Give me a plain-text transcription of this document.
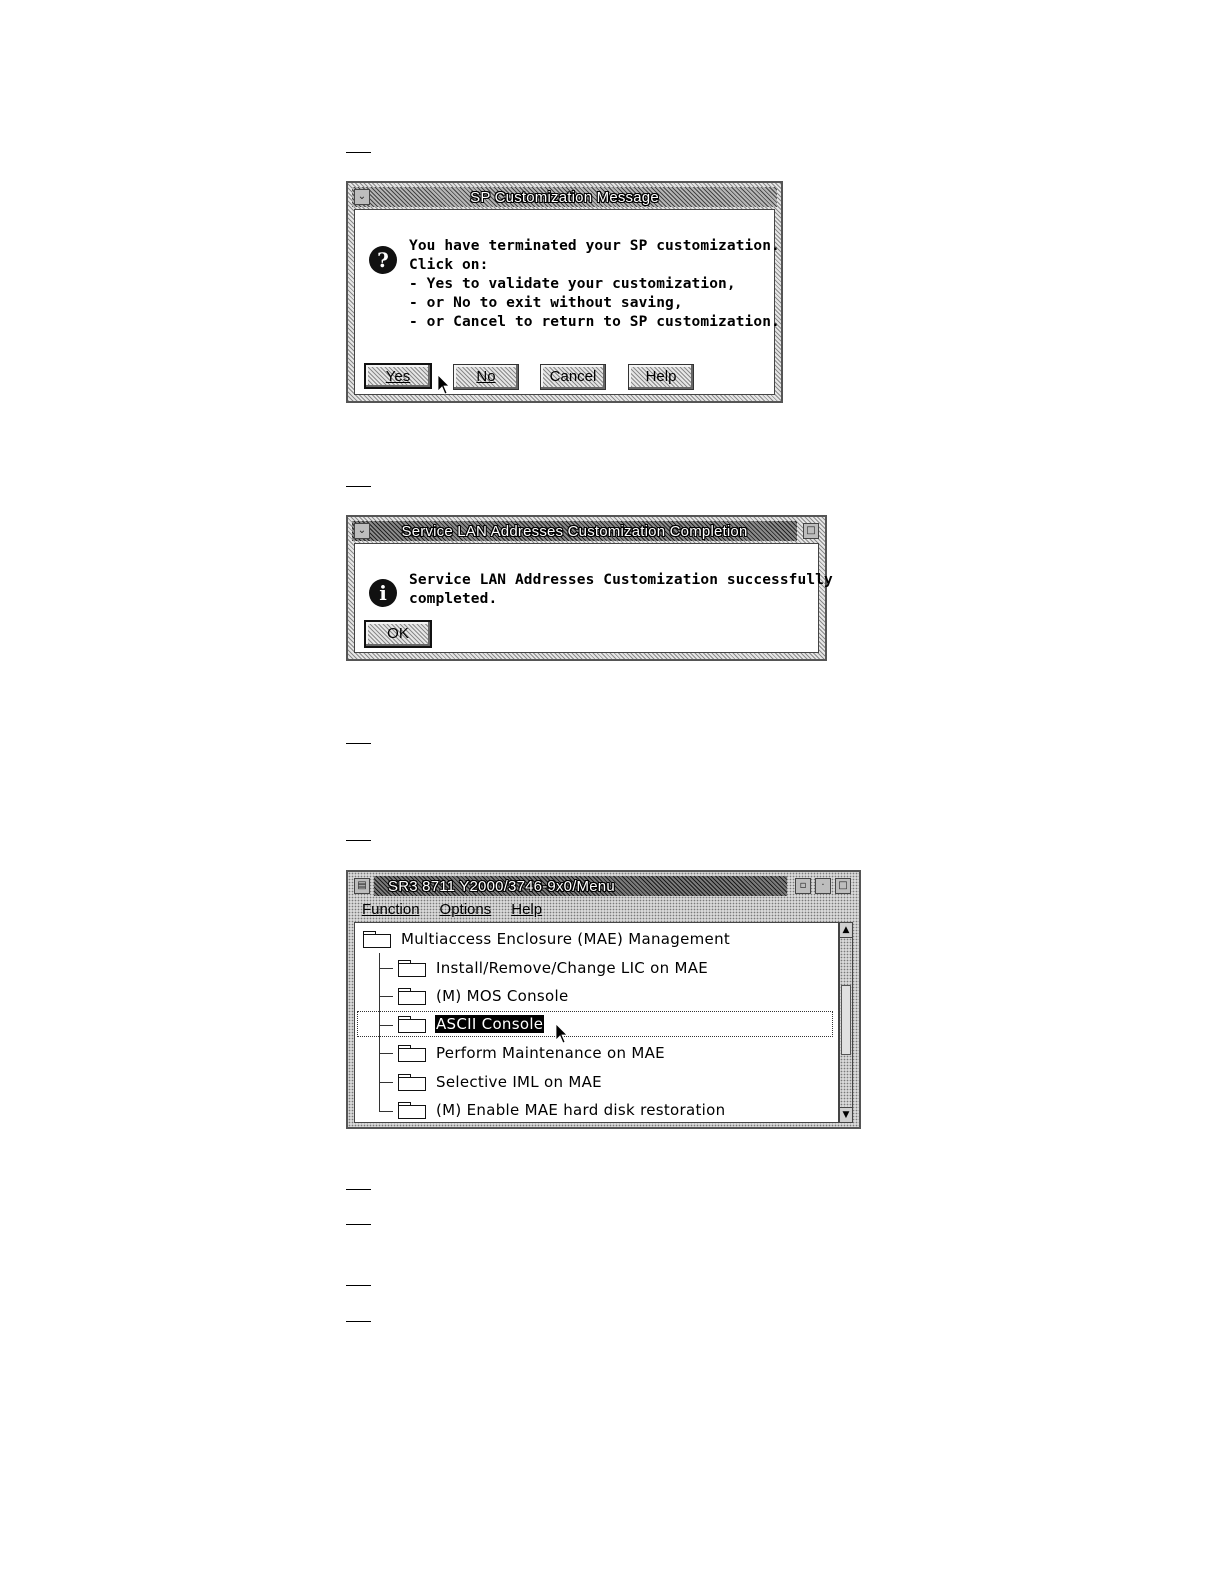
SP Customization Message
⌄
?
You have terminated your SP customization.
Click on:
- Yes to validate your customization,
- or No to exit without saving,
- or Cancel to return to SP customization.
Yes	No	Cancel	Help
Service LAN Addresses Customization Completion
⌄	□
i
Service LAN Addresses Customization successfully
completed.
OK
SR3 8711 Y2000/3746-9x0/Menu
▤	▫	·	□
Function Options Help
Multiaccess Enclosure (MAE) Management
Install/Remove/Change LIC on MAE
(M) MOS Console
ASCII Console
Perform Maintenance on MAE
Selective IML on MAE
(M) Enable MAE hard disk restoration
▲
▼
